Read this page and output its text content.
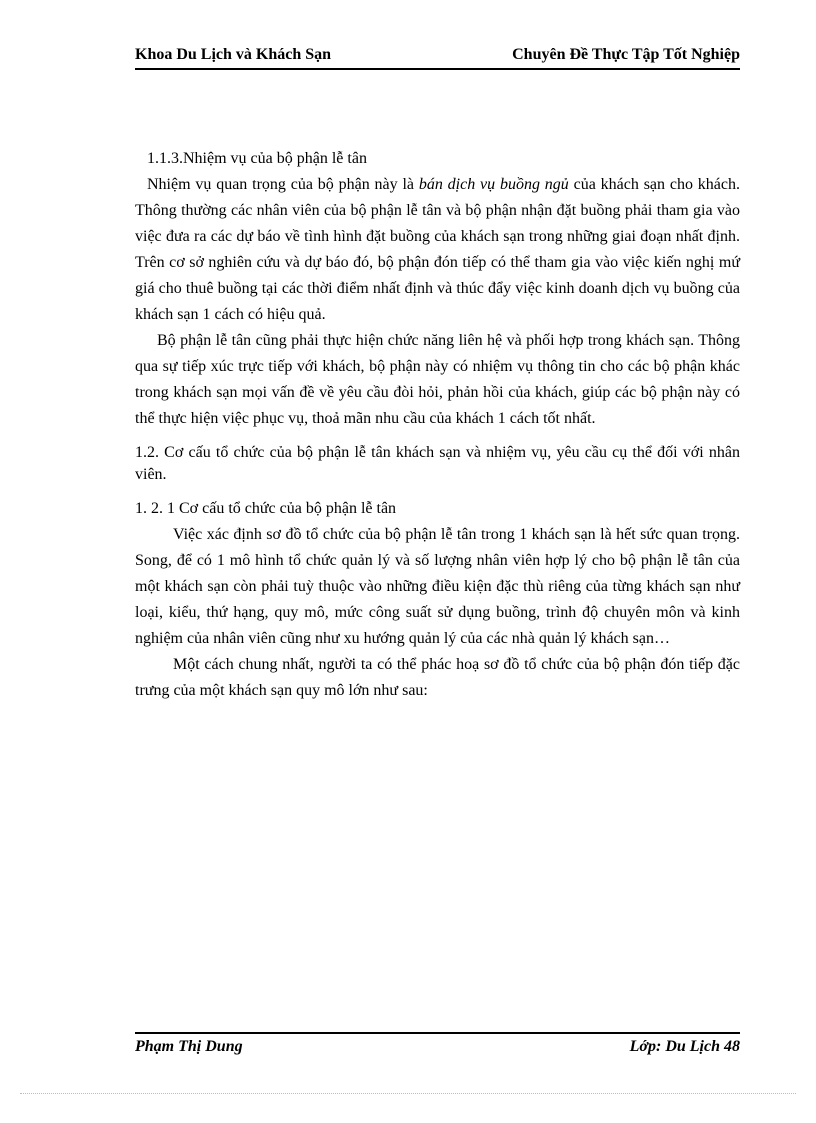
Khoa Du Lịch và Khách Sạn	Chuyên Đề Thực Tập Tốt Nghiệp

1.1.3.Nhiệm vụ của bộ phận lễ tân

Nhiệm vụ quan trọng của bộ phận này là bán dịch vụ buồng ngủ của khách sạn cho khách. Thông thường các nhân viên của bộ phận lễ tân và bộ phận nhận đặt buồng phải tham gia vào việc đưa ra các dự báo về tình hình đặt buồng của khách sạn trong những giai đoạn nhất định. Trên cơ sở nghiên cứu và dự báo đó, bộ phận đón tiếp có thể tham gia vào việc kiến nghị mứ giá cho thuê buồng tại các thời điểm nhất định và thúc đẩy việc kinh doanh dịch vụ buồng của khách sạn 1 cách có hiệu quả.

Bộ phận lễ tân cũng phải thực hiện chức năng liên hệ và phối hợp trong khách sạn. Thông qua sự tiếp xúc trực tiếp với khách, bộ phận này có nhiệm vụ thông tin cho các bộ phận khác trong khách sạn mọi vấn đề về yêu cầu đòi hỏi, phản hồi của khách, giúp các bộ phận này có thể thực hiện việc phục vụ, thoả mãn nhu cầu của khách 1 cách tốt nhất.

1.2. Cơ cấu tổ chức của bộ phận lễ tân khách sạn và nhiệm vụ, yêu cầu cụ thể đối với nhân viên.

1. 2. 1 Cơ cấu tổ chức của bộ phận lễ tân

Việc xác định sơ đồ tổ chức của bộ phận lễ tân trong 1 khách sạn là hết sức quan trọng. Song, để có 1 mô hình tổ chức quản lý và số lượng nhân viên hợp lý cho bộ phận lễ tân của một khách sạn còn phải tuỳ thuộc vào những điều kiện đặc thù riêng của từng khách sạn như loại, kiểu, thứ hạng, quy mô, mức công suất sử dụng buồng, trình độ chuyên môn và kinh nghiệm của nhân viên cũng như xu hướng quản lý của các nhà quản lý khách sạn…

Một cách chung nhất, người ta có thể phác hoạ sơ đồ tổ chức của bộ phận đón tiếp đặc trưng của một khách sạn quy mô lớn như sau:

Phạm Thị Dung	Lớp: Du Lịch 48
